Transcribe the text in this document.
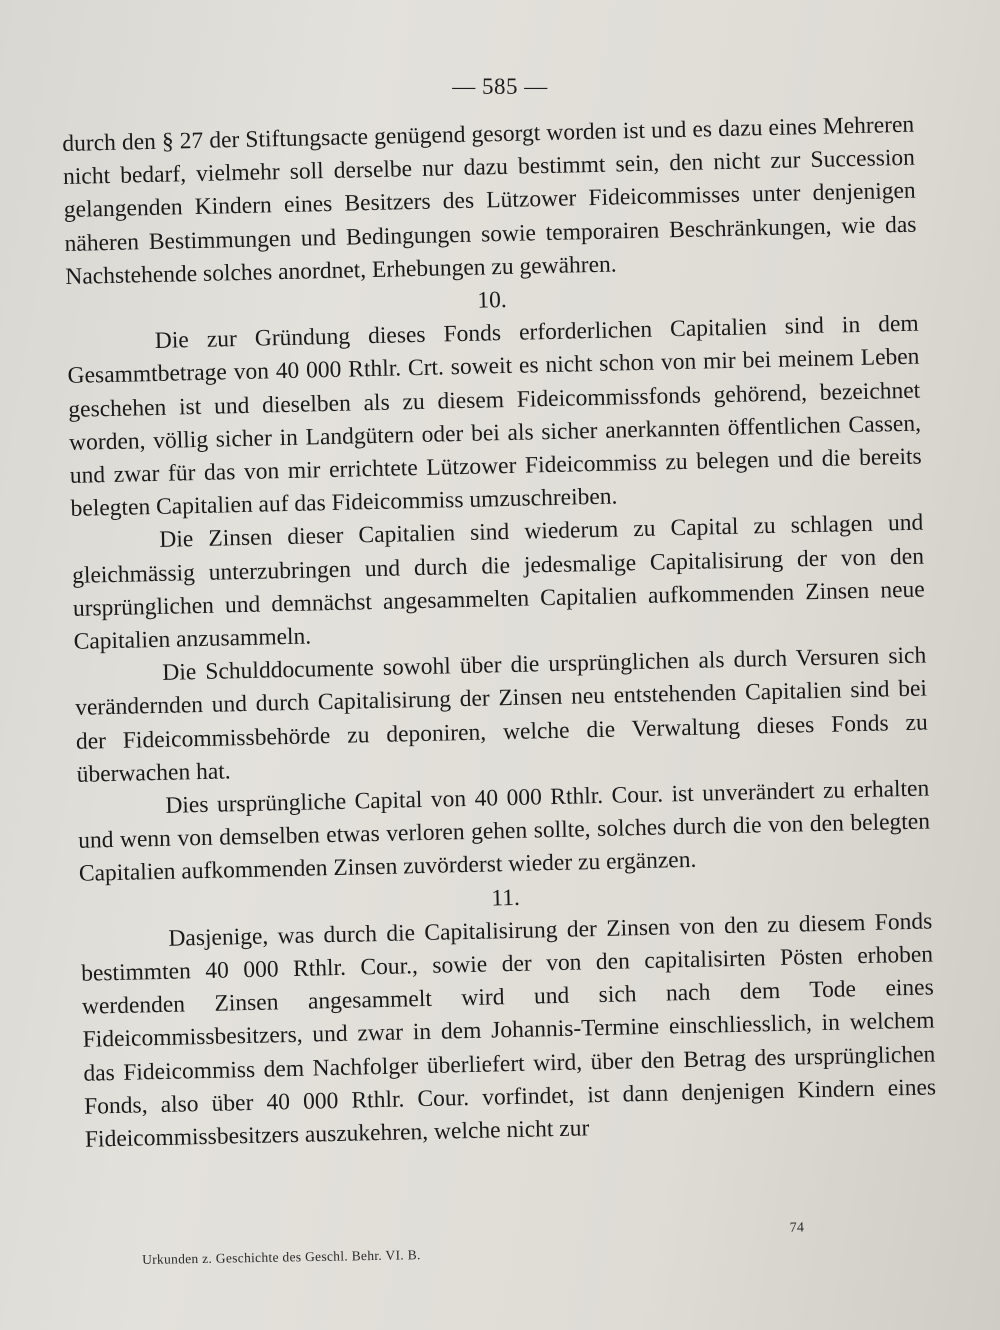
— 585 —

durch den § 27 der Stiftungsacte genügend gesorgt worden ist und es dazu eines Mehreren nicht bedarf, vielmehr soll derselbe nur dazu bestimmt sein, den nicht zur Succession gelangenden Kindern eines Besitzers des Lützower Fideicommisses unter denjenigen näheren Bestimmungen und Bedingungen sowie temporairen Beschränkungen, wie das Nachstehende solches anordnet, Erhebungen zu gewähren.

10.

Die zur Gründung dieses Fonds erforderlichen Capitalien sind in dem Gesammtbetrage von 40 000 Rthlr. Crt. soweit es nicht schon von mir bei meinem Leben geschehen ist und dieselben als zu diesem Fideicommissfonds gehörend, bezeichnet worden, völlig sicher in Landgütern oder bei als sicher anerkannten öffentlichen Cassen, und zwar für das von mir errichtete Lützower Fideicommiss zu belegen und die bereits belegten Capitalien auf das Fideicommiss umzuschreiben.

Die Zinsen dieser Capitalien sind wiederum zu Capital zu schlagen und gleichmässig unterzubringen und durch die jedesmalige Capitalisirung der von den ursprünglichen und demnächst angesammelten Capitalien aufkommenden Zinsen neue Capitalien anzusammeln.

Die Schulddocumente sowohl über die ursprünglichen als durch Versuren sich verändernden und durch Capitalisirung der Zinsen neu entstehenden Capitalien sind bei der Fideicommissbehörde zu deponiren, welche die Verwaltung dieses Fonds zu überwachen hat.

Dies ursprüngliche Capital von 40 000 Rthlr. Cour. ist unverändert zu erhalten und wenn von demselben etwas verloren gehen sollte, solches durch die von den belegten Capitalien aufkommenden Zinsen zuvörderst wieder zu ergänzen.

11.

Dasjenige, was durch die Capitalisirung der Zinsen von den zu diesem Fonds bestimmten 40 000 Rthlr. Cour., sowie der von den capitalisirten Pösten erhoben werdenden Zinsen angesammelt wird und sich nach dem Tode eines Fideicommissbesitzers, und zwar in dem Johannis-Termine einschliesslich, in welchem das Fideicommiss dem Nachfolger überliefert wird, über den Betrag des ursprünglichen Fonds, also über 40 000 Rthlr. Cour. vorfindet, ist dann denjenigen Kindern eines Fideicommissbesitzers auszukehren, welche nicht zur

Urkunden z. Geschichte des Geschl. Behr. VI. B.
74
